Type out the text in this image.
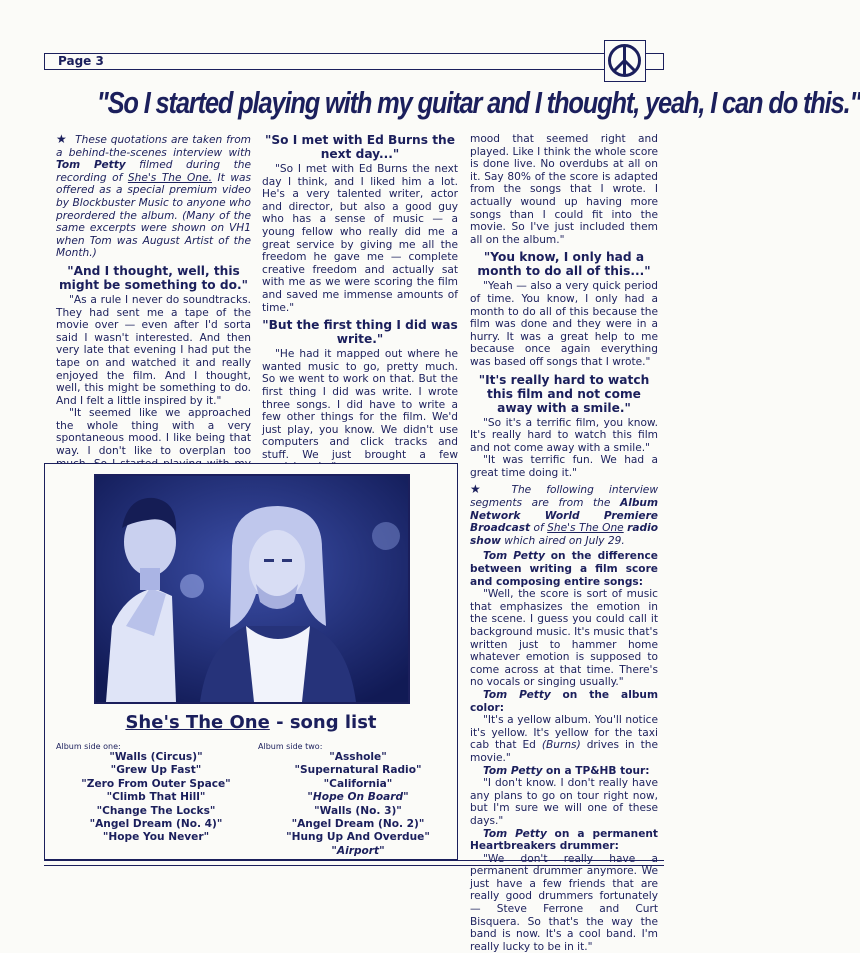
Page 3
"So I started playing with my guitar and I thought, yeah, I can do this."

★ These quotations are taken from a behind-the-scenes interview with Tom Petty filmed during the recording of She's The One. It was offered as a special premium video by Blockbuster Music to anyone who preordered the album. (Many of the same excerpts were shown on VH1 when Tom was August Artist of the Month.)

"And I thought, well, this might be something to do."

"As a rule I never do soundtracks. They had sent me a tape of the movie over — even after I'd sorta said I wasn't interested. And then very late that evening I had put the tape on and watched it and really enjoyed the film. And I thought, well, this might be something to do. And I felt a little inspired by it."

"It seemed like we approached the whole thing with a very spontaneous mood. I like being that way. I don't like to overplan too

"So I met with Ed Burns the next day..."

"So I met with Ed Burns the next day I think, and I liked him a lot. He's a very talented writer, actor and director, but also a good guy who has a sense of music — a young fellow who really did me a great service by giving me all the freedom he gave me — complete creative freedom and actually sat with me as we were scoring the film and saved me immense amounts of time."

"But the first thing I did was write."

"He had it mapped out where he wanted music to go, pretty much. So we went to work on that. But the first thing I did was write. I wrote three songs. I did have to write a few other things for the film. We'd just play, you know. We didn't use computers and click tracks and stuff. We just brought a few

mood that seemed right and played. Like I think the whole score is done live. No overdubs at all on it. Say 80% of the score is adapted from the songs that I wrote. I actually wound up having more songs than I could fit into the movie. So I've just included them all on the album."

"You know, I only had a month to do all of this..."

"Yeah — also a very quick period of time. You know, I only had a month to do all of this because the film was done and they were in a hurry. It was a great help to me because once again everything was based off songs that I wrote."

"It's really hard to watch this film and not come away with a smile."

"So it's a terrific film, you know. It's really hard to watch this film and not come away with a smile."

"It was terrific fun. We had a great time doing it."

★ The following interview segments are from the Album Network World Premiere Broadcast of She's The One radio show which aired on July 29.

Tom Petty on the difference between writing a film score and composing entire songs:

"Well, the score is sort of music that emphasizes the emotion in the scene. I guess you could call it background music. It's music that's written just to hammer home whatever emotion is supposed to come across at that time. There's no vocals or singing usually."

Tom Petty on the album color:

"It's a yellow album. You'll notice it's yellow. It's yellow for the taxi cab that Ed (Burns) drives in the movie."

Tom Petty on a TP&HB tour:

"I don't know. I don't really have any plans to go on tour right now, but I'm sure we will one of these days."

Tom Petty on a permanent Heartbreakers drummer:

"We don't really have a permanent drummer anymore. We just have a few friends that are really good drummers fortunately — Steve Ferrone and Curt Bisquera. So that's the way the band is now. It's a cool band. I'm really lucky to be in it."

She's The One - song list
Album side one:
"Walls (Circus)"
"Grew Up Fast"
"Zero From Outer Space"
"Climb That Hill"
"Change The Locks"
"Angel Dream (No. 4)"
"Hope You Never"
Album side two:
"Asshole"
"Supernatural Radio"
"California"
"Hope On Board"
"Walls (No. 3)"
"Angel Dream (No. 2)"
"Hung Up And Overdue"
"Airport"
